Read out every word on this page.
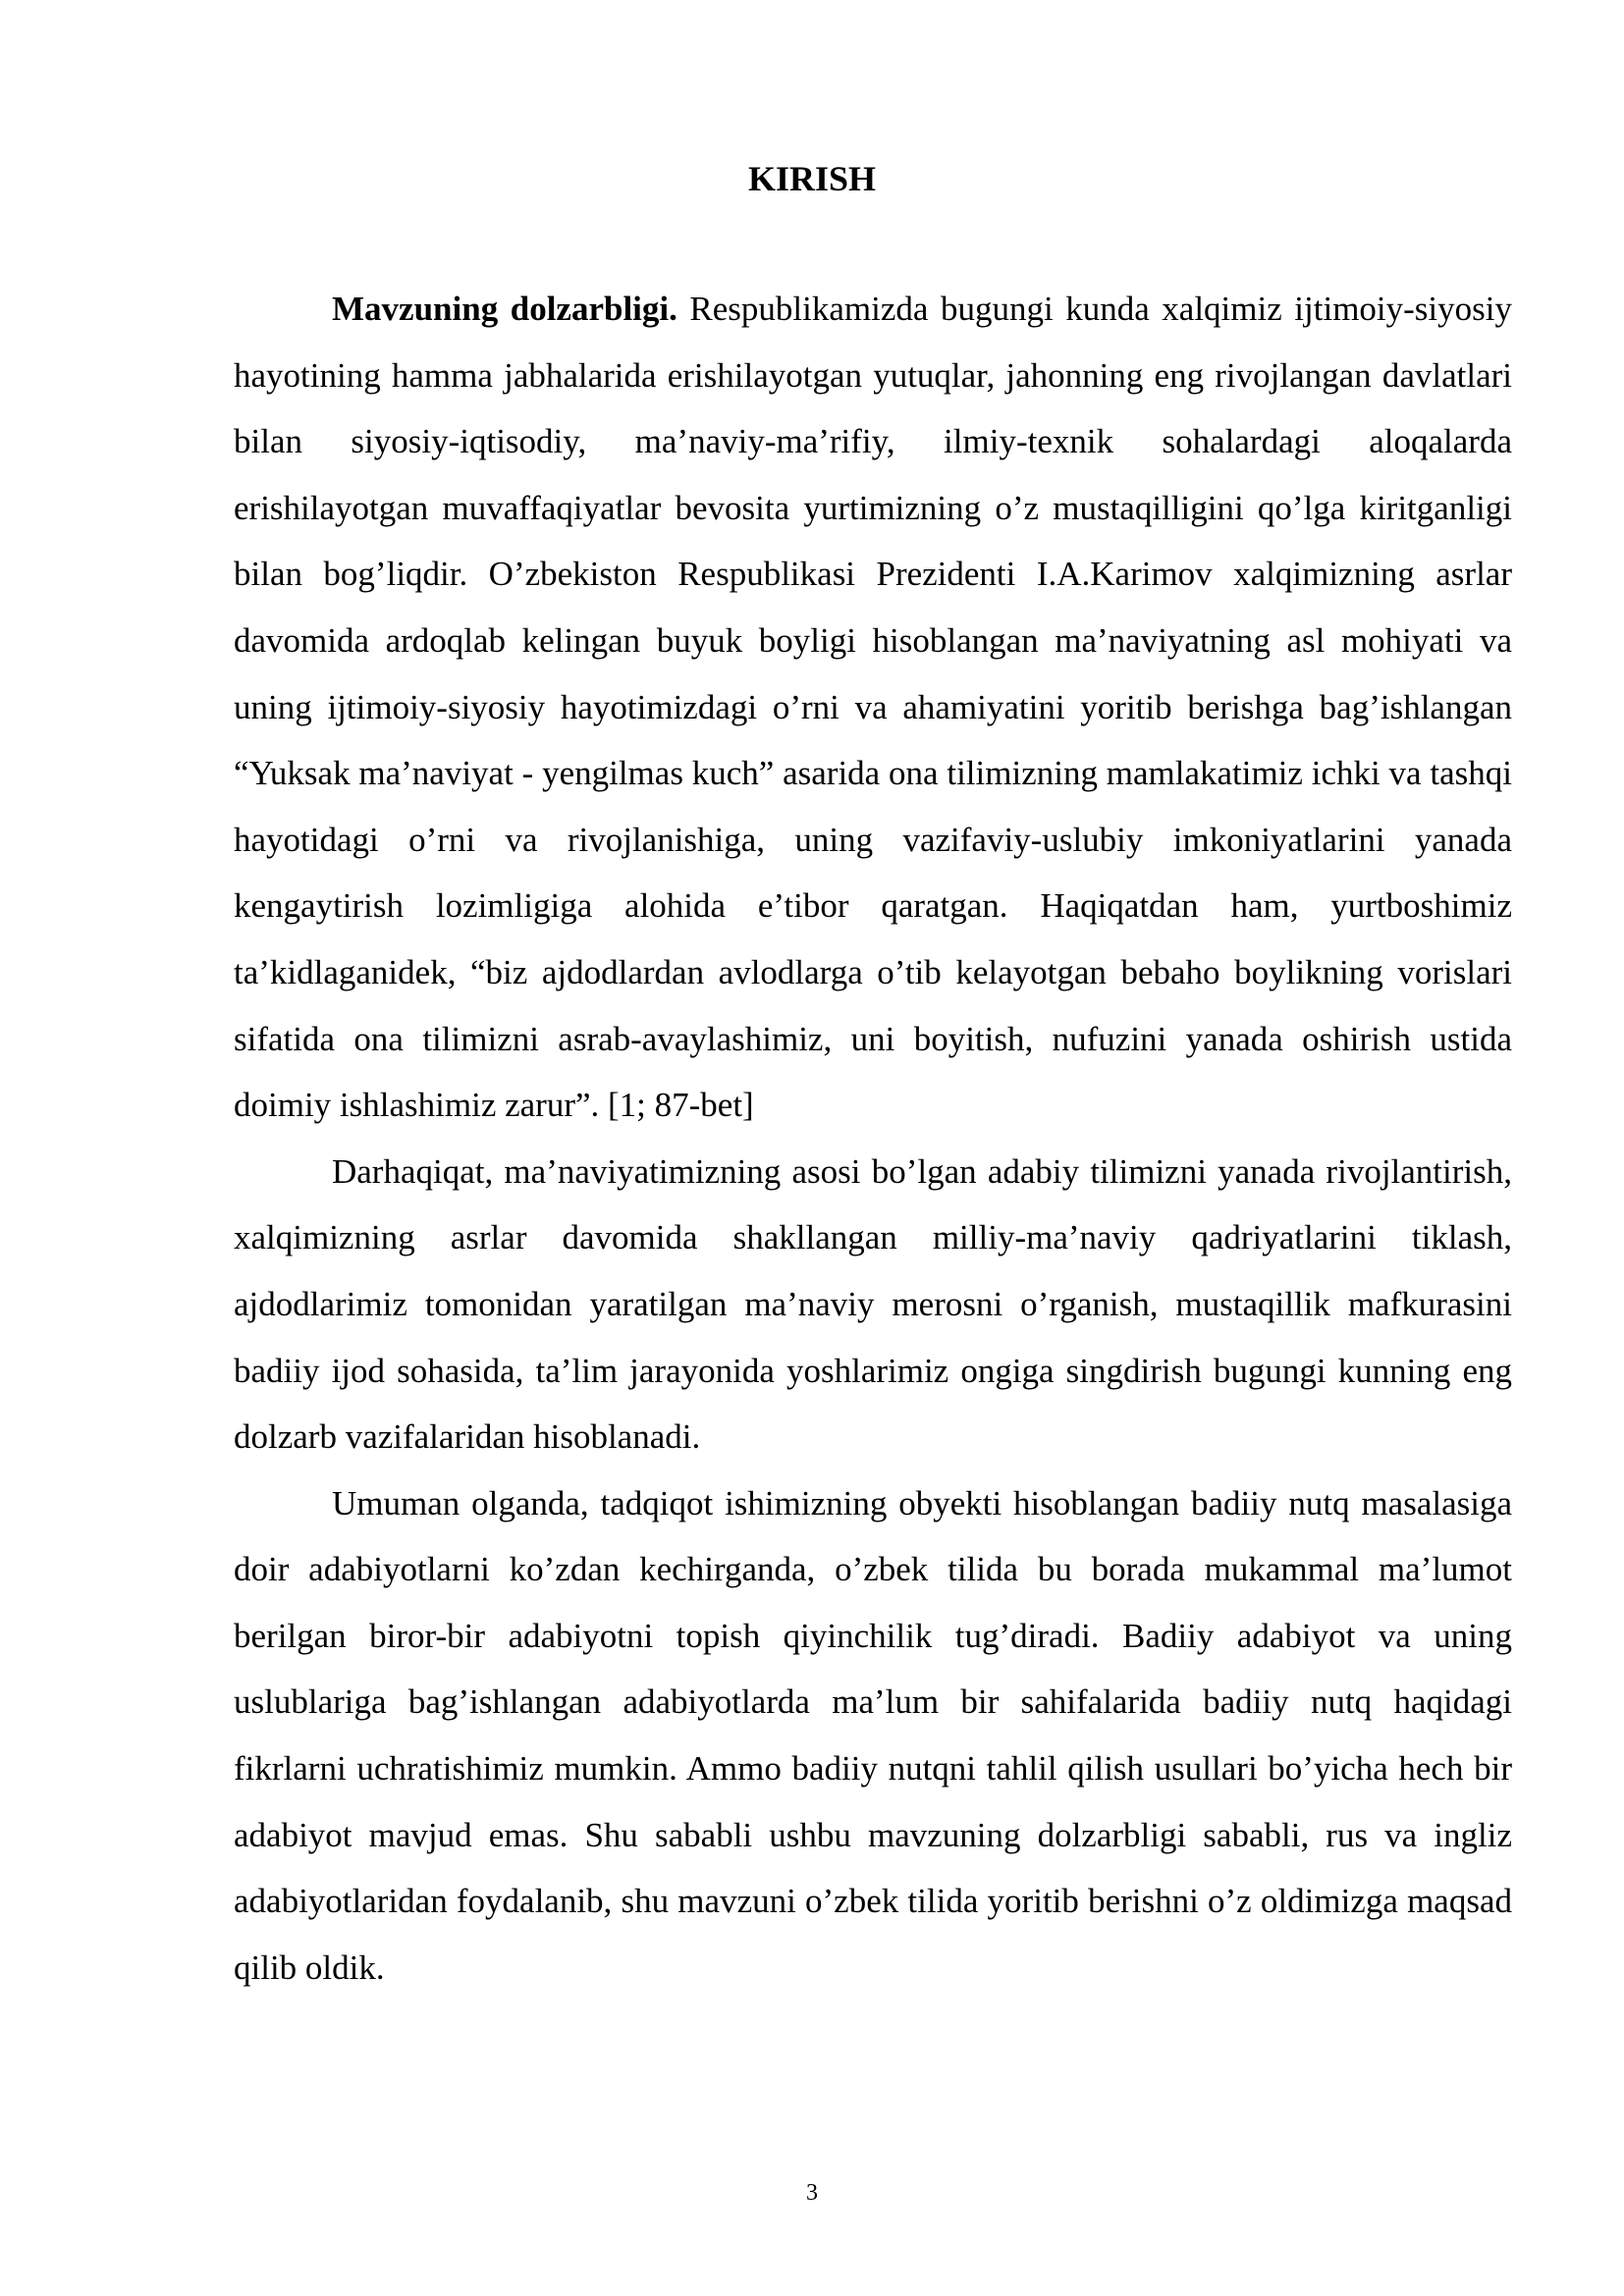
KIRISH

Mavzuning dolzarbligi. Respublikamizda bugungi kunda xalqimiz ijtimoiy-siyosiy hayotining hamma jabhalarida erishilayotgan yutuqlar, jahonning eng rivojlangan davlatlari bilan siyosiy-iqtisodiy, ma’naviy-ma’rifiy, ilmiy-texnik sohalardagi aloqalarda erishilayotgan muvaffaqiyatlar bevosita yurtimizning o’z mustaqilligini qo’lga kiritganligi bilan bog’liqdir. O’zbekiston Respublikasi Prezidenti I.A.Karimov xalqimizning asrlar davomida ardoqlab kelingan buyuk boyligi hisoblangan ma’naviyatning asl mohiyati va uning ijtimoiy-siyosiy hayotimizdagi o’rni va ahamiyatini yoritib berishga bag’ishlangan “Yuksak ma’naviyat - yengilmas kuch” asarida ona tilimizning mamlakatimiz ichki va tashqi hayotidagi o’rni va rivojlanishiga, uning vazifaviy-uslubiy imkoniyatlarini yanada kengaytirish lozimligiga alohida e’tibor qaratgan. Haqiqatdan ham, yurtboshimiz ta’kidlaganidek, “biz ajdodlardan avlodlarga o’tib kelayotgan bebaho boylikning vorislari sifatida ona tilimizni asrab-avaylashimiz, uni boyitish, nufuzini yanada oshirish ustida doimiy ishlashimiz zarur”. [1; 87-bet]

Darhaqiqat, ma’naviyatimizning asosi bo’lgan adabiy tilimizni yanada rivojlantirish, xalqimizning asrlar davomida shakllangan milliy-ma’naviy qadriyatlarini tiklash, ajdodlarimiz tomonidan yaratilgan ma’naviy merosni o’rganish, mustaqillik mafkurasini badiiy ijod sohasida, ta’lim jarayonida yoshlarimiz ongiga singdirish bugungi kunning eng dolzarb vazifalaridan hisoblanadi.

Umuman olganda, tadqiqot ishimizning obyekti hisoblangan badiiy nutq masalasiga doir adabiyotlarni ko’zdan kechirganda, o’zbek tilida bu borada mukammal ma’lumot berilgan biror-bir adabiyotni topish qiyinchilik tug’diradi. Badiiy adabiyot va uning uslublariga bag’ishlangan adabiyotlarda ma’lum bir sahifalarida badiiy nutq haqidagi fikrlarni uchratishimiz mumkin. Ammo badiiy nutqni tahlil qilish usullari bo’yicha hech bir adabiyot mavjud emas. Shu sababli ushbu mavzuning dolzarbligi sababli, rus va ingliz adabiyotlaridan foydalanib, shu mavzuni o’zbek tilida yoritib berishni o’z oldimizga maqsad qilib oldik.

3
